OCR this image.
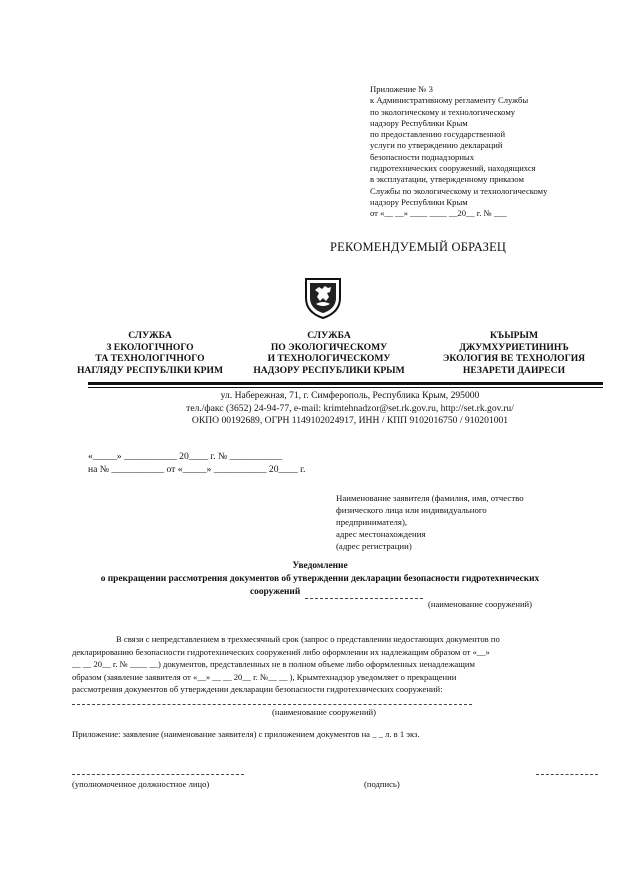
Приложение № 3
к Административному регламенту Службы
по экологическому и технологическому
надзору Республики Крым
по предоставлению государственной
услуги по утверждению деклараций
безопасности поднадзорных
гидротехнических сооружений, находящихся
в эксплуатации, утвержденному приказом
Службы по экологическому и технологическому
надзору Республики Крым
от «__ __» ____ ____ __20__ г. № ___
РЕКОМЕНДУЕМЫЙ ОБРАЗЕЦ
СЛУЖБА
З ЕКОЛОГІЧНОГО
ТА ТЕХНОЛОГІЧНОГО
НАГЛЯДУ РЕСПУБЛІКИ КРИМ
СЛУЖБА
ПО ЭКОЛОГИЧЕСКОМУ
И ТЕХНОЛОГИЧЕСКОМУ
НАДЗОРУ РЕСПУБЛИКИ КРЫМ
КЪЫРЫМ
ДЖУМХУРИЕТИНИНЪ
ЭКОЛОГИЯ ВЕ ТЕХНОЛОГИЯ
НЕЗАРЕТИ ДАИРЕСИ
ул. Набережная, 71, г. Симферополь, Республика Крым, 295000
тел./факс (3652) 24-94-77, e-mail: krimtehnadzor@set.rk.gov.ru, http://set.rk.gov.ru/
ОКПО 00192689, ОГРН 1149102024917, ИНН / КПП 9102016750 / 910201001
«_____» ___________ 20____ г. № ___________
на № ___________ от «_____» ___________ 20____ г.
Наименование заявителя (фамилия, имя, отчество
физического лица или индивидуального
предпринимателя),
адрес местонахождения
(адрес регистрации)
Уведомление
о прекращении рассмотрения документов об утверждении декларации безопасности гидротехнических
сооружений
(наименование сооружений)
В связи с непредставлением в трехмесячный срок (запрос о представлении недостающих документов по
декларированию безопасности гидротехнических сооружений либо оформлении их надлежащим образом от «__»
__ __ 20__ г. № ____ __) документов, представленных не в полном объеме либо оформленных ненадлежащим
образом (заявление заявителя от «__» __ __ 20__ г. №__ __ ), Крымтехнадзор уведомляет о прекращении
рассмотрения документов об утверждении декларации безопасности гидротехнических сооружений:
(наименование сооружений)
Приложение: заявление (наименование заявителя) с приложением документов на _ _ л. в 1 экз.
(уполномоченное должностное лицо)	(подпись)
